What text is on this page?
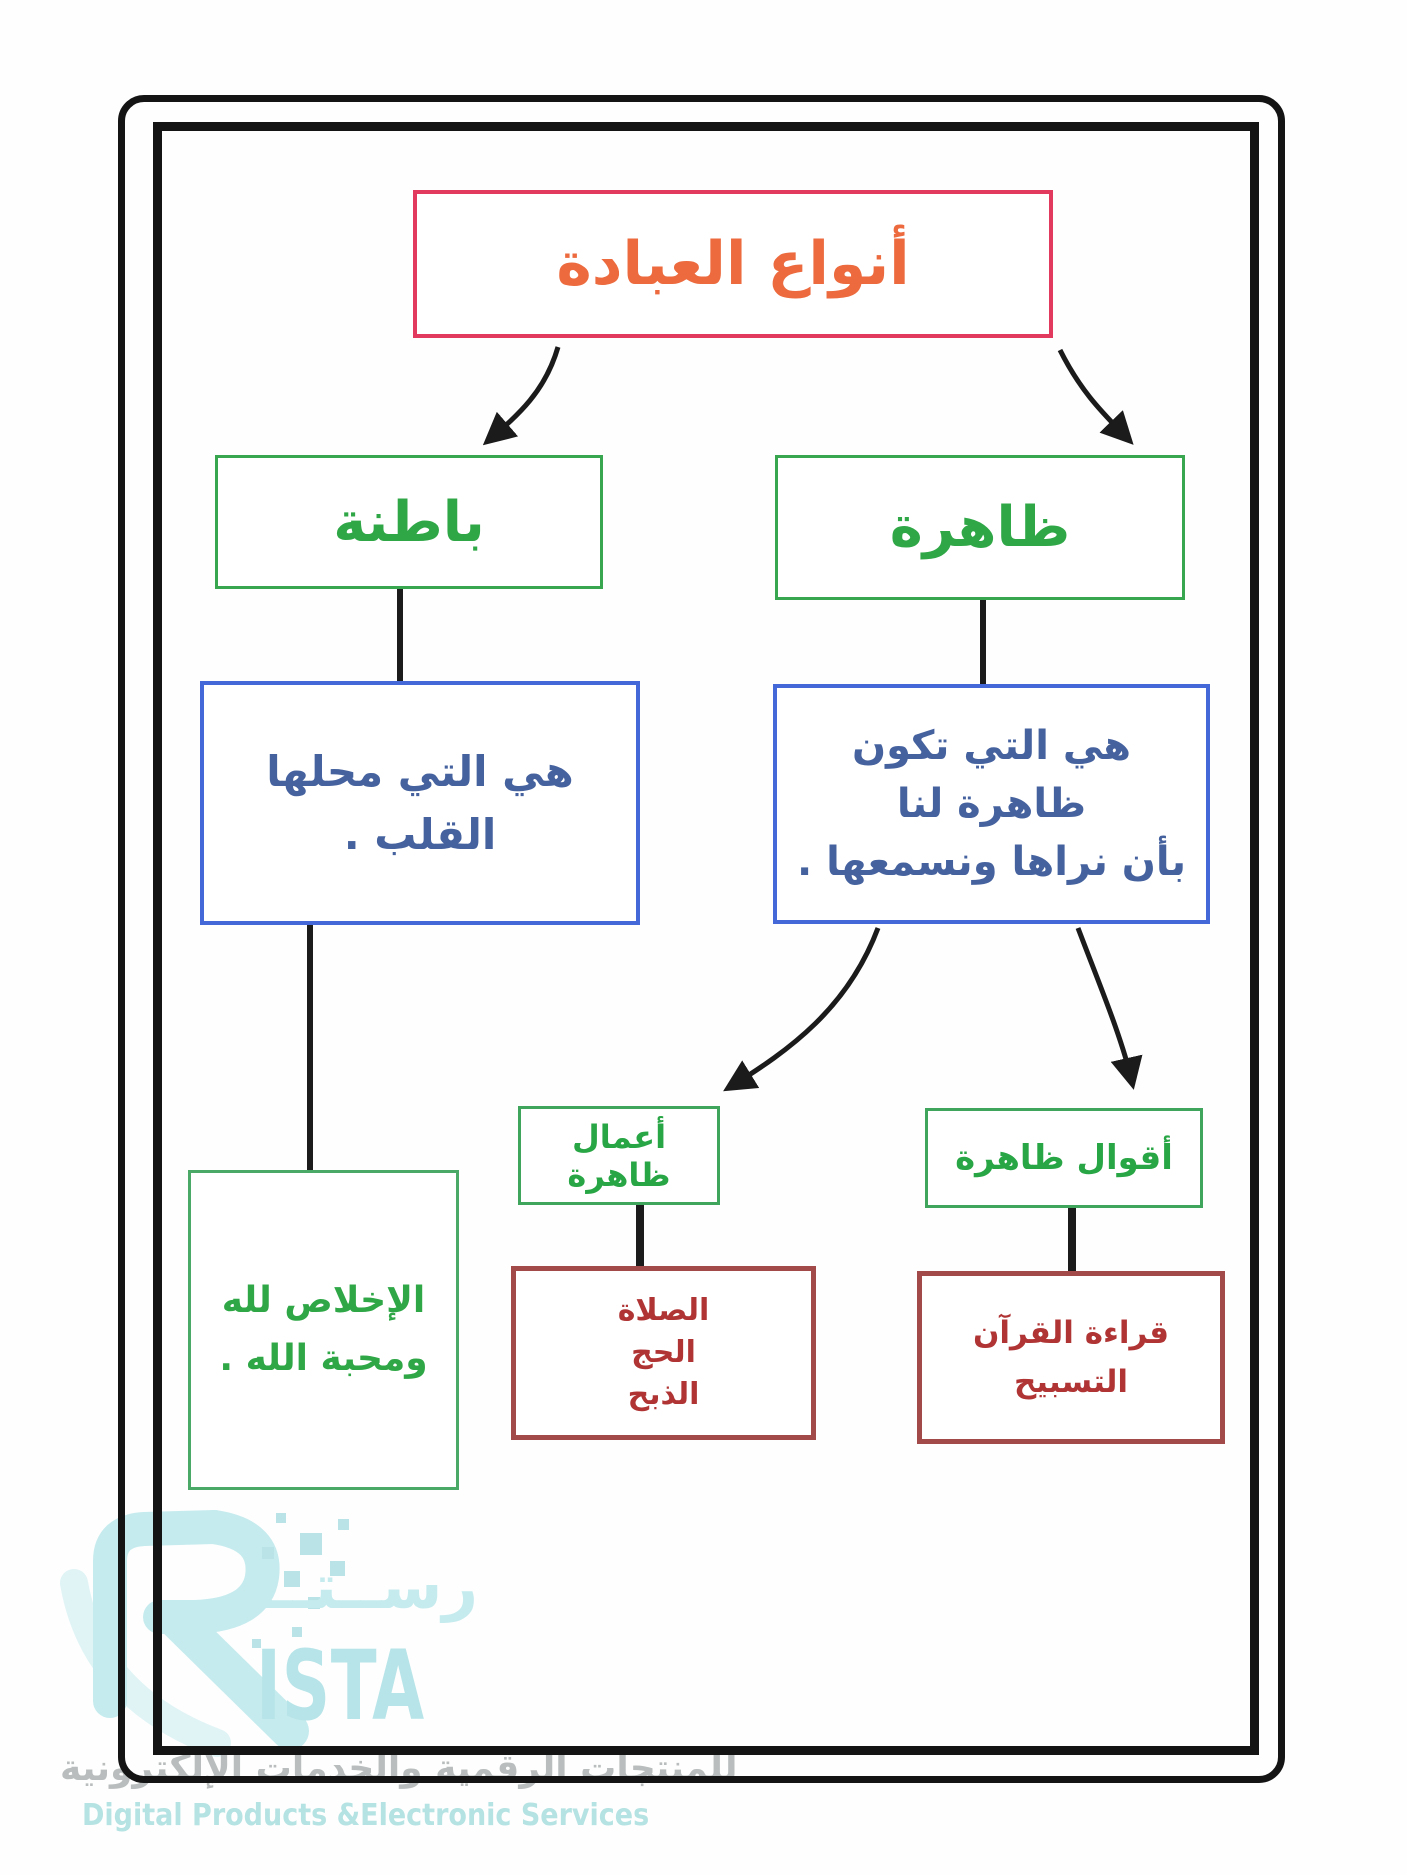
رســتــا
ISTA
للمنتجات الرقمية والخدمات الإلكترونية
Digital Products &Electronic Services
أنواع العبادة
باطنة	ظاهرة
هي التي محلها
القلب .
هي التي تكون
ظاهرة لنا
بأن نراها ونسمعها .
الإخلاص لله
ومحبة الله .
أعمال ظاهرة	أقوال ظاهرة
الصلاة
الحج
الذبح
قراءة القرآن
التسبيح
